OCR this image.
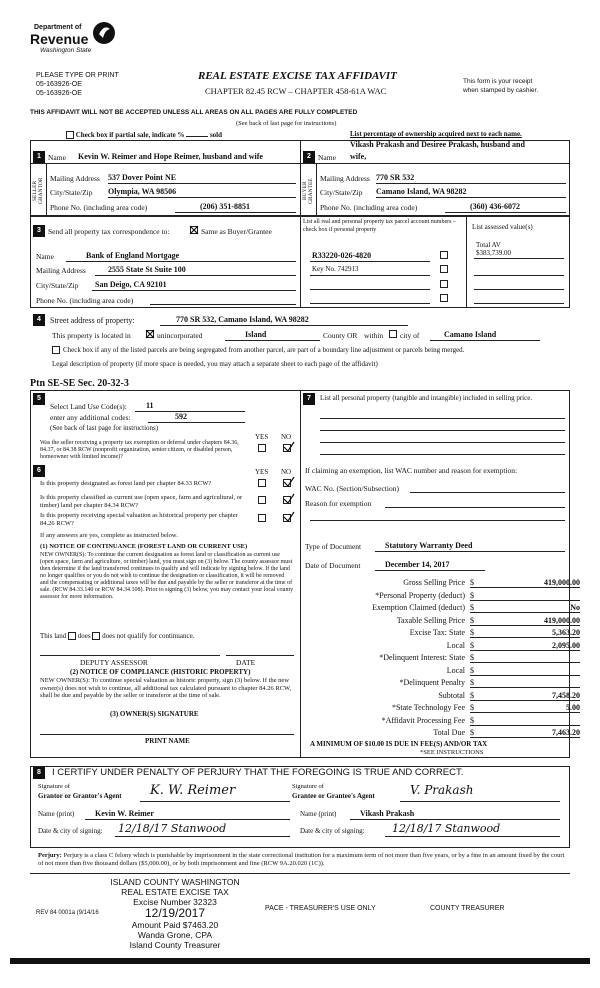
Department of
Revenue
Washington State
PLEASE TYPE OR PRINT
05-163926-OE
05-163926-OE
REAL ESTATE EXCISE TAX AFFIDAVIT
CHAPTER 82.45 RCW – CHAPTER 458-61A WAC
This form is your receipt
when stamped by cashier.
THIS AFFIDAVIT WILL NOT BE ACCEPTED UNLESS ALL AREAS ON ALL PAGES ARE FULLY COMPLETED
(See back of last page for instructions)
Check box if partial sale, indicate %	sold	List percentage of ownership acquired next to each name.
1 Name Kevin W. Reimer and Hope Reimer, husband and wife
SELLER GRANTOR Mailing Address 537 Dover Point NE
City/State/Zip Olympia, WA 98506
Phone No. (including area code)	(206) 351-8851
2 Name
Vikash Prakash and Desiree Prakash, husband and
wife,
BUYER GRANTEE Mailing Address 770 SR 532
City/State/Zip Camano Island, WA 98282
Phone No. (including area code)	(360) 436-6072
3 Send all property tax correspondence to:	Same as Buyer/Grantee
Name	Bank of England Mortgage
Mailing Address	2555 State St Suite 100
City/State/Zip San Deigo, CA 92101
Phone No. (including area code)
List all real and personal property tax parcel account numbers – check box if personal property	List assessed value(s)
R33220-026-4820
Key No. 742913
Total AV
$383,739.00
4	Street address of property:	770 SR 532, Camano Island, WA 98282
This property is located in	unincorporated	Island	County OR within city of	Camano Island
Check box if any of the listed parcels are being segregated from another parcel, are part of a boundary line adjustment or parcels being merged.
Legal description of property (if more space is needed, you may attach a separate sheet to each page of the affidavit)
Ptn SE-SE Sec. 20-32-3
5
Select Land Use Code(s): 11
enter any additional codes:	592
(See back of last page for instructions)
YES NO
Was the seller receiving a property tax exemption or deferral under chapters 84.36, 84.37, or 84.38 RCW (nonprofit organization, senior citizen, or disabled person, homeowner with limited income)?
6	YES NO
Is this property designated as forest land per chapter 84.33 RCW?
Is this property classified as current use (open space, farm and agricultural, or timber) land per chapter 84.34 RCW?
Is this property receiving special valuation as historical property per chapter 84.26 RCW?
If any answers are yes, complete as instructed below.
(1) NOTICE OF CONTINUANCE (FOREST LAND OR CURRENT USE)
NEW OWNER(S): To continue the current designation as forest land or classification as current use (open space, farm and agriculture, or timber) land, you must sign on (3) below. The county assessor must then determine if the land transferred continues to qualify and will indicate by signing below. If the land no longer qualifies or you do not wish to continue the designation or classification, it will be removed and the compensating or additional taxes will be due and payable by the seller or transferor at the time of sale. (RCW 84.33.140 or RCW 84.34.108). Prior to signing (3) below, you may contact your local county assessor for more information.
This land does does not qualify for continuance.
DEPUTY ASSESSOR	DATE
(2) NOTICE OF COMPLIANCE (HISTORIC PROPERTY)
NEW OWNER(S): To continue special valuation as historic property, sign (3) below. If the new owner(s) does not wish to continue, all additional tax calculated pursuant to chapter 84.26 RCW, shall be due and payable by the seller or transferor at the time of sale.
(3) OWNER(S) SIGNATURE
PRINT NAME
7	List all personal property (tangible and intangible) included in selling price.
If claiming an exemption, list WAC number and reason for exemption:
WAC No. (Section/Subsection)
Reason for exemption
Type of Document	Statutory Warranty Deed
Date of Document	December 14, 2017
Gross Selling Price $	419,000.00
*Personal Property (deduct) $

Exemption Claimed (deduct) $	No
Taxable Selling Price $	419,000.00
Excise Tax: State $	5,363.20
Local $	2,095.00
*Delinquent Interest: State $

Local $

*Delinquent Penalty $

Subtotal $	7,458.20
*State Technology Fee $	5.00
*Affidavit Processing Fee $

Total Due $	7,463.20
A MINIMUM OF $10.00 IS DUE IN FEE(S) AND/OR TAX
*SEE INSTRUCTIONS
8	I CERTIFY UNDER PENALTY OF PERJURY THAT THE FOREGOING IS TRUE AND CORRECT.
Signature of
Grantor or Grantor's Agent K. W. Reimer
Name (print)	Kevin W. Reimer
Date & city of signing: 12/18/17 Stanwood
Signature of
Grantee or Grantee's Agent	V. Prakash
Name (print)	Vikash Prakash
Date & city of signing: 12/18/17 Stanwood
Perjury: Perjury is a class C felony which is punishable by imprisonment in the state correctional institution for a maximum term of not more than five years, or by a fine in an amount fixed by the court of not more than five thousand dollars ($5,000.00), or by both imprisonment and fine (RCW 9A.20.020 (1C)).
ISLAND COUNTY WASHINGTON
REAL ESTATE EXCISE TAX
Excise Number 32323
12/19/2017
Amount Paid $7463.20
Wanda Grone, CPA
Island County Treasurer
REV 84 0001a (9/14/16
PACE - TREASURER'S USE ONLY	COUNTY TREASURER
